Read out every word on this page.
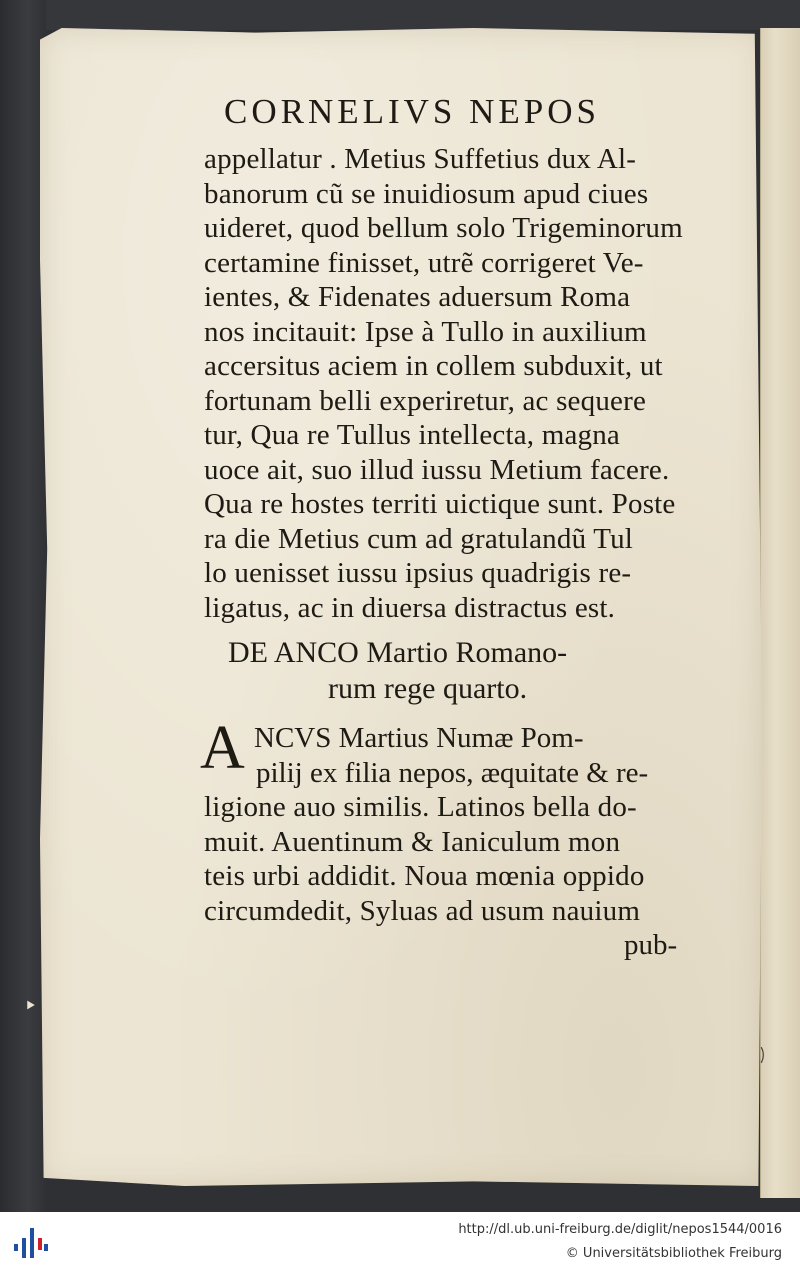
CORNELIVS NEPOS
appellatur . Metius Suffetius dux Al-
banorum cũ se inuidiosum apud ciues
uideret, quod bellum solo Trigeminorum
certamine finisset, utrẽ corrigeret Ve-
ientes, & Fidenates aduersum Roma
nos incitauit: Ipse à Tullo in auxilium
accersitus aciem in collem subduxit, ut
fortunam belli experiretur, ac sequere
tur, Qua re Tullus intellecta, magna
uoce ait, suo illud iussu Metium facere.
Qua re hostes territi uictique sunt. Poste
ra die Metius cum ad gratulandũ Tul
lo uenisset iussu ipsius quadrigis re-
ligatus, ac in diuersa distractus est.
DE ANCO Martio Romano-
rum rege quarto.
A NCVS Martius Numæ Pom-
pilij ex filia nepos, æquitate & re-
ligione auo similis. Latinos bella do-
muit. Auentinum & Ianiculum mon
teis urbi addidit. Noua mœnia oppido
circumdedit, Syluas ad usum nauium
pub-
http://dl.ub.uni-freiburg.de/diglit/nepos1544/0016
© Universitätsbibliothek Freiburg
